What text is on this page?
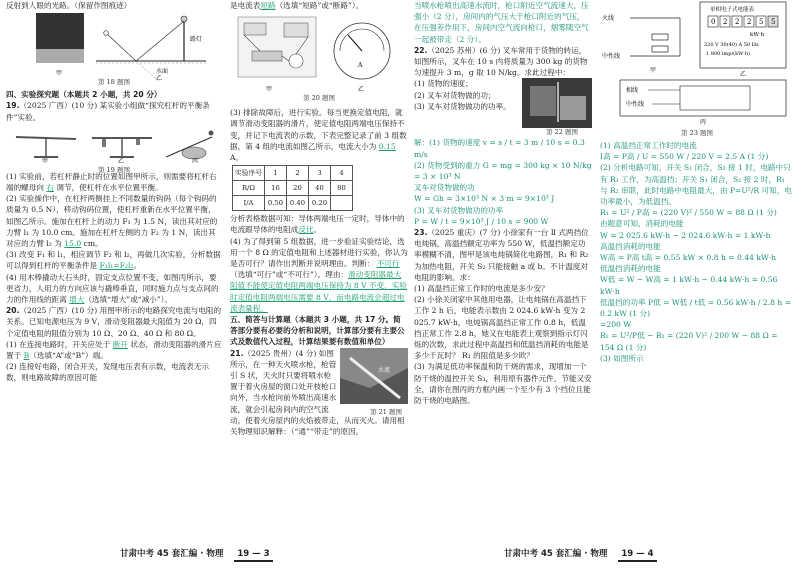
反射到人眼的光路。（保留作图痕迹）

水面
路灯
甲
乙
第 18 题图

四、实验探究题（本题共 2 小题，共 20 分）

19.（2025 广西）(10 分) 某实验小组做“探究杠杆的平衡条件”实验。

甲	乙	丙
第 19 题图

(1) 实验前，若杠杆静止时的位置如图甲所示，则需要将杠杆右端的螺母向 右 调节，使杠杆在水平位置平衡。

(2) 实验操作中，在杠杆两侧挂上不同数量的钩码（每个钩码的质量为 0.5 N），移动钩码位置，使杠杆重新在水平位置平衡，如图乙所示。施加在杠杆上的动力 F₁ 为 1.5 N，读出其对应的力臂 l₁ 为 10.0 cm。施加在杠杆左侧的力 F₂ 为 1 N，读出其对应的力臂 l₂ 为 15.0 cm。

(3) 改变 F₁ 和 l₁，相应调节 F₂ 和 l₂，再做几次实验，分析数据可以得到杠杆的平衡条件是 F₁l₁=F₂l₂。

(4) 用木棒撬动大石头时，固定支点位置不变，如图丙所示，要更省力，人用力的方向应该与撬棒垂直，同时施力点与支点间的力的作用线的距离 增大（选填“增大”或“减小”）。

20.（2025 广西）(10 分) 用图甲所示的电路探究电流与电阻的关系。已知电源电压为 9 V，滑动变阻器最大阻值为 20 Ω，四个定值电阻的阻值分别为 10 Ω、20 Ω、40 Ω 和 80 Ω。

(1) 在连接电路时，开关应处于 断开 状态，滑动变阻器的滑片应置于 B（选填“A”或“B”）端。

(2) 连接好电路，闭合开关，发现电压表有示数，电流表无示数，则电路故障的原因可能

是电流表短路（选填“短路”或“断路”）。

A
甲	乙
第 20 题图

(3) 排除故障后，进行实验。每当更换定值电阻，就调节滑动变阻器的滑片，使定值电阻两端电压保持不变，并记下电流表的示数，下表完整记录了前 3 组数据，第 4 组的电流如图乙所示，电流大小为 0.15 A。

实验序号	1	2	3	4
R/Ω	16	20	40	80
I/A	0.50	0.40	0.20	

分析表格数据可知：导体两端电压一定时，导体中的电流跟导体的电阻成反比。

(4) 为了得到第 5 组数据，进一步验证实验结论，选用一个 8 Ω 的定值电阻和上述器材进行实验，你认为是否可行？请作出判断并说明理由。判断： 不可行（选填“可行”或“不可行”）。理由：滑动变阻器最大阻值不能使定值电阻两端电压保持为 8 V 不变，实验时定值电阻两端电压需要 8 V，而电路电流会超过电流表量程。

五、简答与计算题（本题共 3 小题，共 17 分。简答部分要有必要的分析和说明，计算部分要有主要公式及数值代入过程，计算结果要有数值和单位）

水流

21.（2025 贵州）(4 分) 如图所示，在一种天火喷水枪，枪管引 S 状，天火时只要将喷水枪置于着火房屋的窗口处开枝枪口向外，当水枪向前外喷出高速水流，就会引起房间内的空气流动，使着火房屋内的火焰被带走，从而灭火。请用相关物理知识解释：（“通”“带走”的原因。

第 21 题图

当喷水枪喷出高速水流时，枪口附近空气流速大，压强小（2 分），房间内的气压大于枪口附近的气压，在压强差作用下，房间内空气流向枪口，烟雾随空气一起被带走（2 分）。

22.（2025 苏州）(6 分) 叉车常用于货物的转运，如图所示，叉车在 10 s 内将质量为 300 kg 的货物匀速提升 3 m，g 取 10 N/kg。求此过程中：

(1) 货物的速度；

(2) 叉车对货物做的功；

(3) 叉车对货物做功的功率。

第 22 题图

解：(1) 货物的速度 v = s / t = 3 m / 10 s = 0.3 m/s

(2) 货物受到的重力 G = mg = 300 kg × 10 N/kg = 3 × 10³ N

叉车对货物做的功

W = Gh = 3×10³ N × 3 m = 9×10³ J

(3) 叉车对货物做功的功率

P = W / t = 9×10³ J / 10 s = 900 W

23.（2025 重庆）(7 分) 小徐家有一台 Ⅱ 式两挡位电炖锅，高温挡额定功率为 550 W，低温挡额定功率模糊不清，图甲是该电炖锅简化电路图，R₁ 和 R₂ 为加热电阻，开关 S₂ 只能接触 a 或 b。不计温度对电阻的影响。求：

(1) 高温挡正常工作时的电流是多少安？

(2) 小徐关闭家中其他用电器，让电炖锅在高温挡下工作 2 h 后，电能表示数由 2 024.6 kW·h 变为 2 025.7 kW·h，电炖锅高温挡正常工作 0.8 h，低温挡正常工作 2.8 h，她又在电能表上观察到指示灯闪烁的次数，求此过程中高温挡和低温挡消耗的电能是多少千瓦时？ R₁ 的阻值是多少欧？

(3) 为满足低功率保温和防干烧的需求，现增加一个防干烧的温控开关 S₃，利用原有器件元件，节能又安全，请你在图丙的方框内画一个至少有 3 个挡位且能防干烧的电路图。

火线
中性线
甲
单相电子式电能表
0 2 2 2 5 5
kW·h
220 V 30(40) A 50 Hz
1 800 imp/(kW·h)
乙
相线
中性线
丙
第 23 题图

(1) 高温挡正常工作时的电流

I高 = P高 / U = 550 W / 220 V = 2.5 A (1 分)

(2) 分析电路可知，开关 S₁ 闭合，S₂ 接 1 时，电路中只有 R₁ 工作，为高温挡；开关 S₁ 闭合，S₂ 接 2 时，R₁ 与 R₂ 串联，此时电路中电阻最大，由 P=U²/R 可知，电功率最小，为低温挡。

R₁ = U² / P高 = (220 V)² / 550 W = 88 Ω (1 分)

由题意可知，消耗的电能

W = 2 025.6 kW·h − 2 024.6 kW·h = 1 kW·h

高温挡消耗的电能

W高 = P高 t高 = 0.55 kW × 0.8 h = 0.44 kW·h

低温挡消耗的电能

W低 = W − W高 = 1 kW·h − 0.44 kW·h = 0.56 kW·h

低温挡的功率 P低 = W低 / t低 = 0.56 kW·h / 2.8 h = 0.2 kW (1 分)

=200 W

R₂ = U²/P低 − R₁ = (220 V)² / 200 W − 88 Ω = 154 Ω (1 分)

(3) 如图所示

甘肃中考 45 套汇编 · 物理 19 — 3	甘肃中考 45 套汇编 · 物理 19 — 4
